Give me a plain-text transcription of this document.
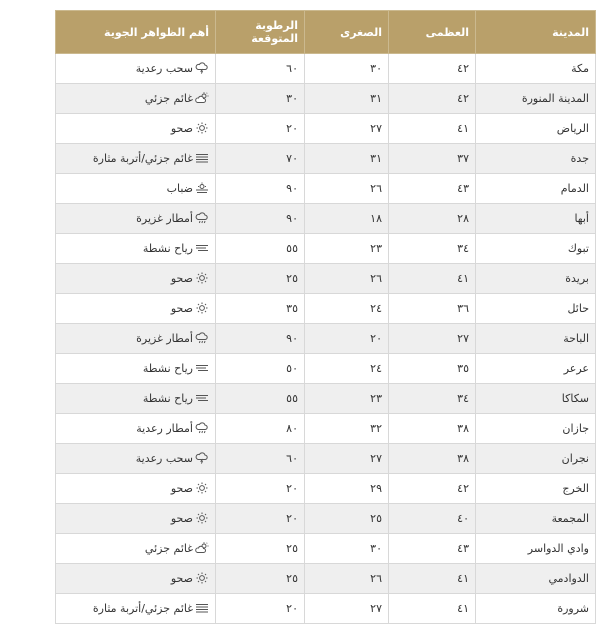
المدينة	العظمى	الصغرى	الرطوبة المتوقعة	أهم الظواهر الجوية
مكة	٤٢	٣٠	٦٠	سحب رعدية
المدينة المنورة	٤٢	٣١	٣٠	غائم جزئي
الرياض	٤١	٢٧	٢٠	صحو
جدة	٣٧	٣١	٧٠	غائم جزئي/أتربة مثارة
الدمام	٤٣	٢٦	٩٠	ضباب
أبها	٢٨	١٨	٩٠	أمطار غزيرة
تبوك	٣٤	٢٣	٥٥	رياح نشطة
بريدة	٤١	٢٦	٢٥	صحو
حائل	٣٦	٢٤	٣٥	صحو
الباحة	٢٧	٢٠	٩٠	أمطار غزيرة
عرعر	٣٥	٢٤	٥٠	رياح نشطة
سكاكا	٣٤	٢٣	٥٥	رياح نشطة
جازان	٣٨	٣٢	٨٠	أمطار رعدية
نجران	٣٨	٢٧	٦٠	سحب رعدية
الخرج	٤٢	٢٩	٢٠	صحو
المجمعة	٤٠	٢٥	٢٠	صحو
وادي الدواسر	٤٣	٣٠	٢٥	غائم جزئي
الدوادمي	٤١	٢٦	٢٥	صحو
شرورة	٤١	٢٧	٢٠	غائم جزئي/أتربة مثارة
